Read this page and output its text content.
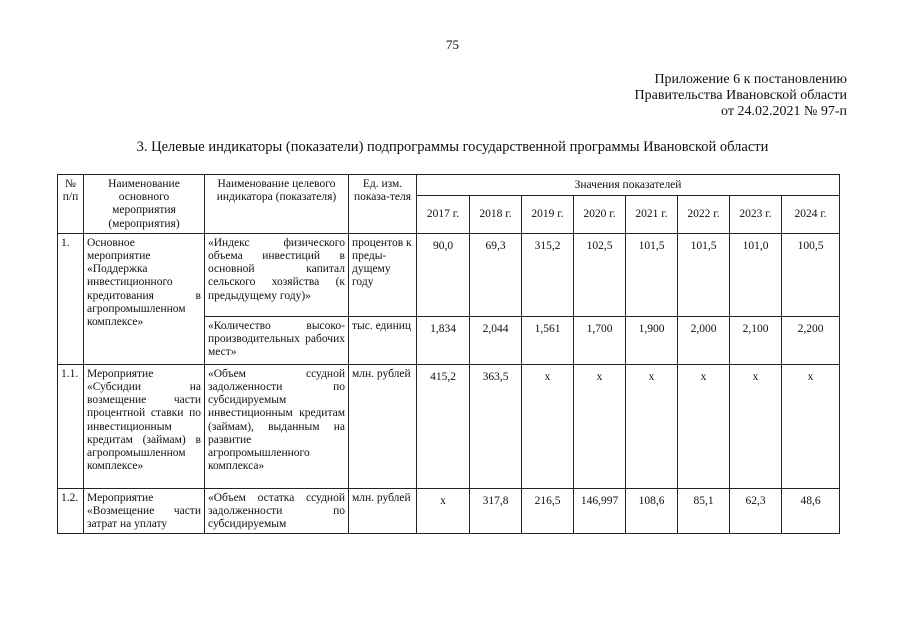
75
Приложение 6 к постановлению
Правительства Ивановской области
от 24.02.2021 № 97-п
3. Целевые индикаторы (показатели) подпрограммы государственной программы Ивановской области
№ п/п	Наименование основного мероприятия (мероприятия)	Наименование целевого индикатора (показателя)	Ед. изм. показа-теля	Значения показателей							
				2017 г.	2018 г.	2019 г.	2020 г.	2021 г.	2022 г.	2023 г.	2024 г.
1.	Основное мероприятие «Поддержка инвестиционного кредитования в агропромышленном комплексе»	«Индекс физического объема инвестиций в основной капитал сельского хозяйства (к предыдущему году)»	процентов к преды-дущему году	90,0	69,3	315,2	102,5	101,5	101,5	101,0	100,5
		«Количество высоко-производительных рабочих мест»	тыс. единиц	1,834	2,044	1,561	1,700	1,900	2,000	2,100	2,200
1.1.	Мероприятие «Субсидии на возмещение части процентной ставки по инвестиционным кредитам (займам) в агропромышленном комплексе»	«Объем ссудной задолженности по субсидируемым инвестиционным кредитам (займам), выданным на развитие агропромышленного комплекса»	млн. рублей	415,2	363,5	х	х	х	х	х	х
1.2.	Мероприятие «Возмещение части затрат на уплату	«Объем остатка ссудной задолженности по субсидируемым	млн. рублей	х	317,8	216,5	146,997	108,6	85,1	62,3	48,6
